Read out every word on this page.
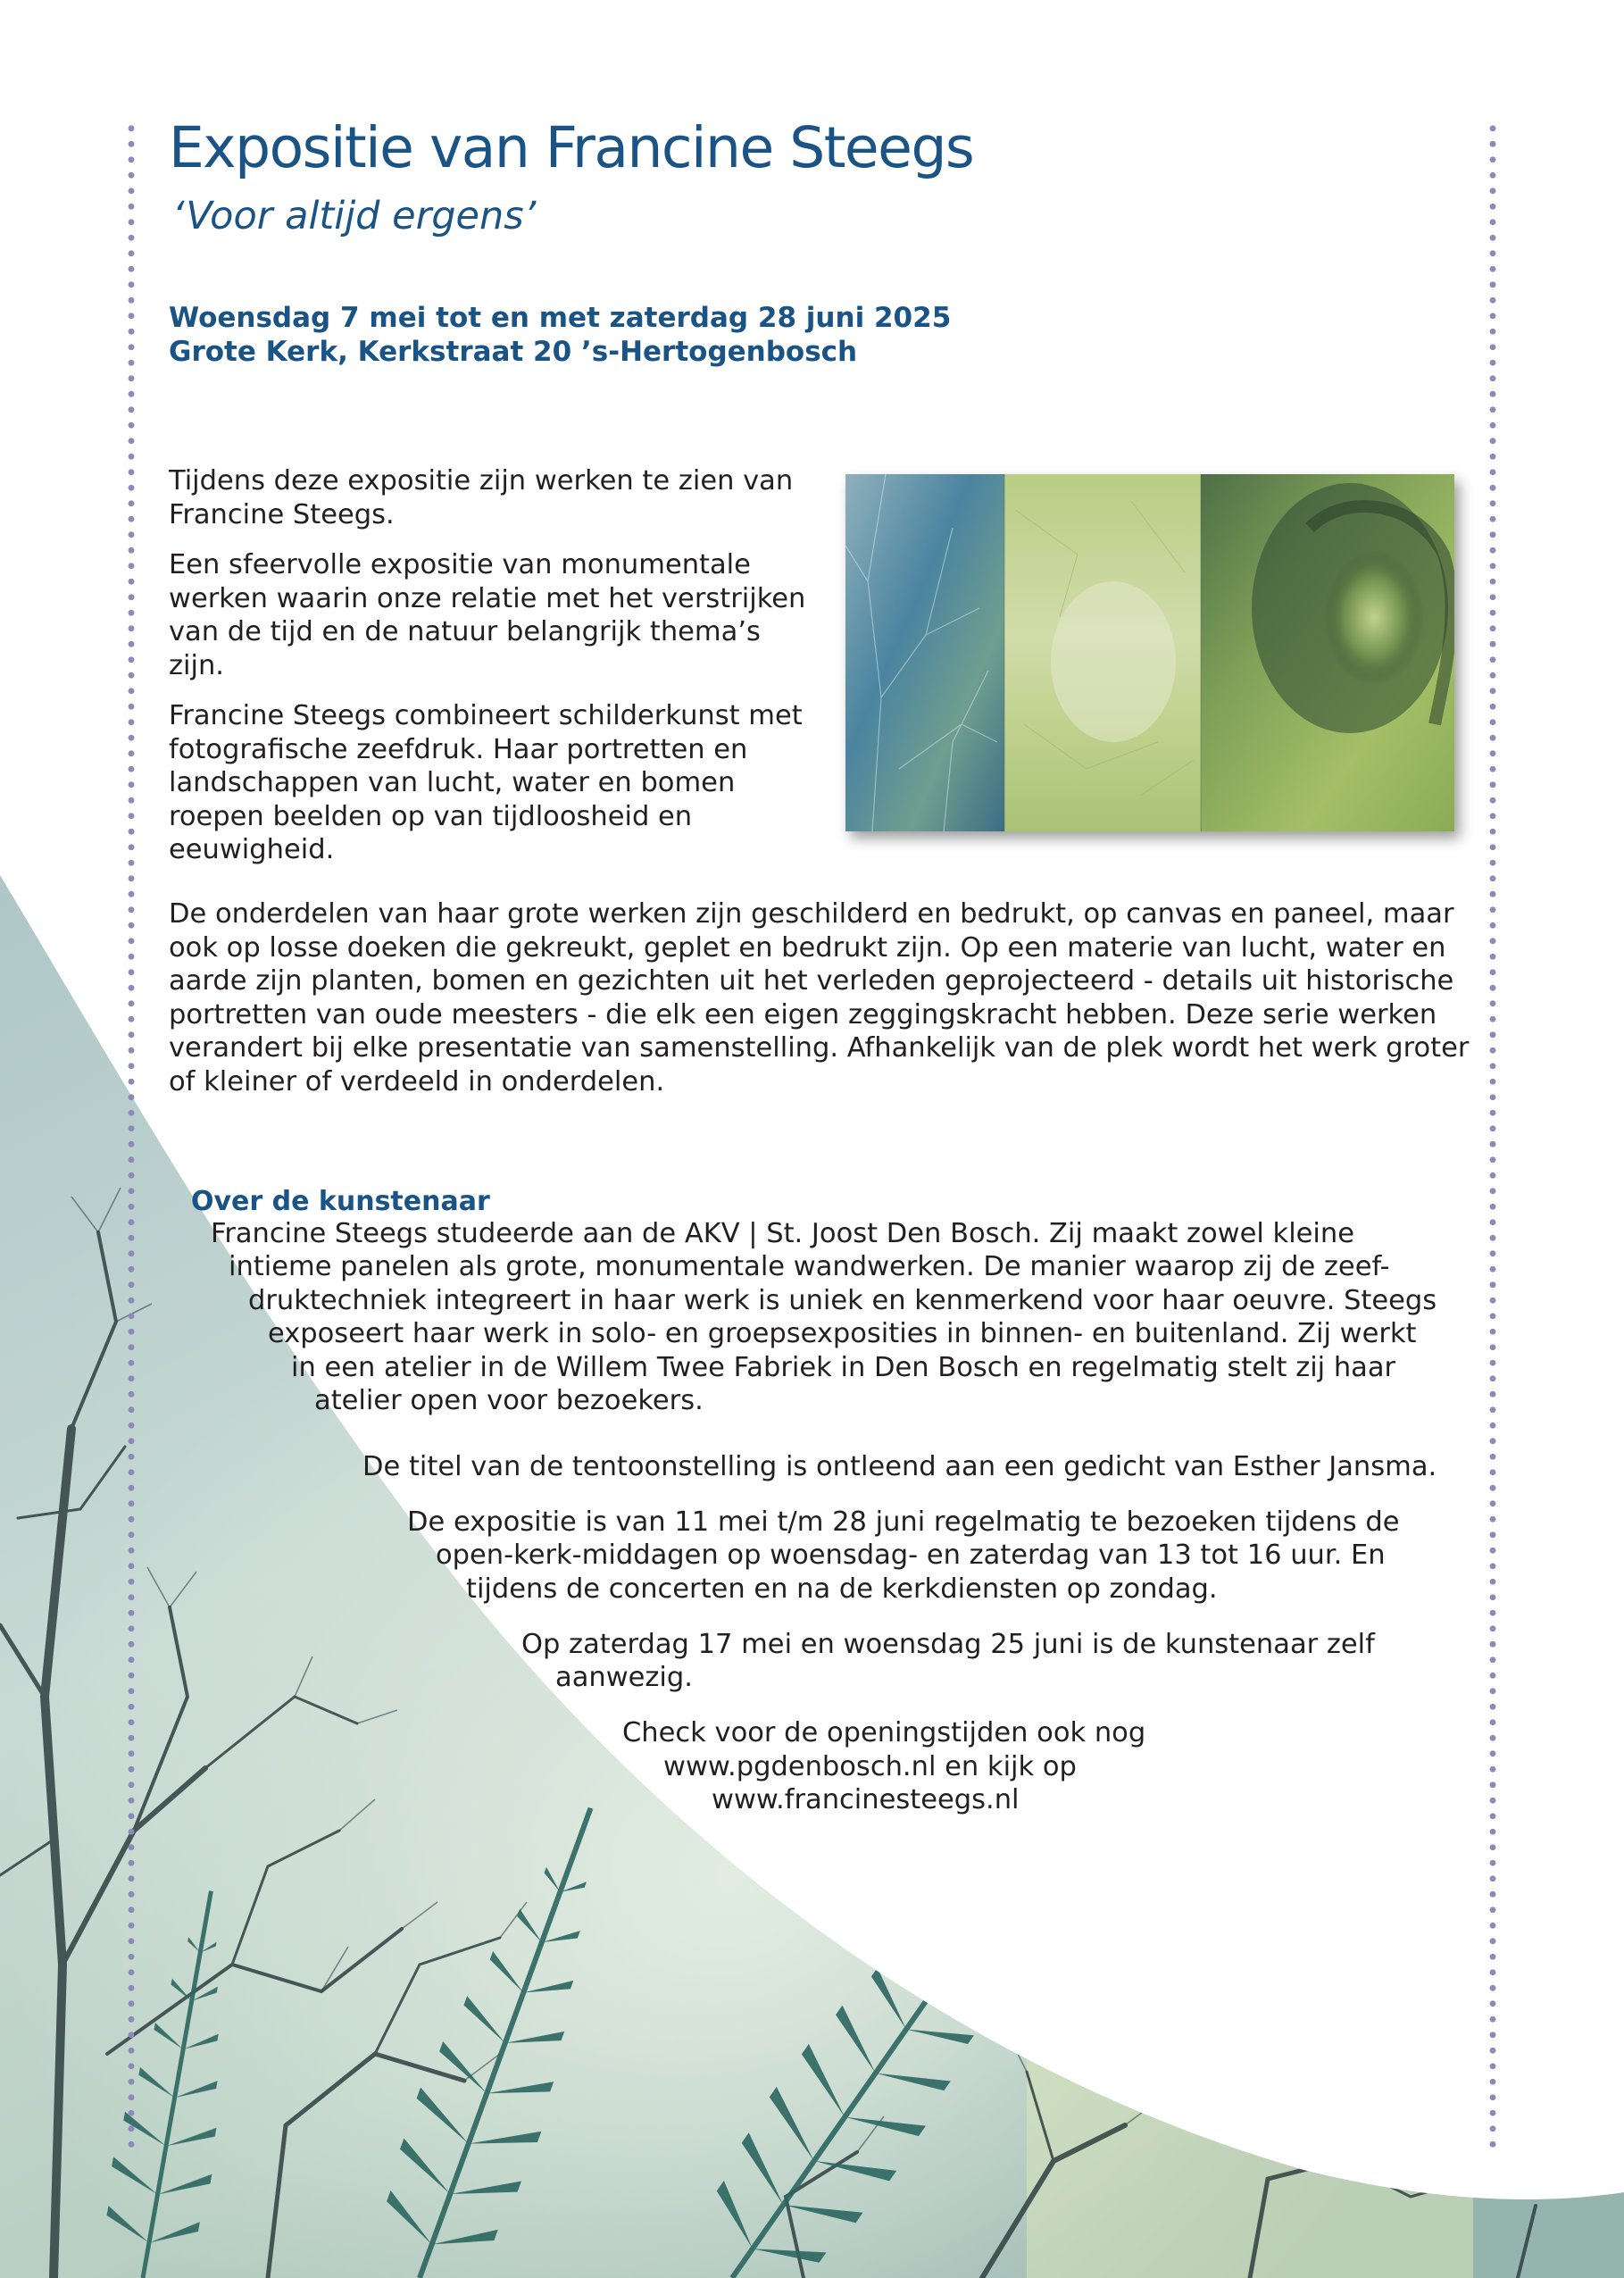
Expositie van Francine Steegs
‘Voor altijd ergens’
Woensdag 7 mei tot en met zaterdag 28 juni 2025
Grote Kerk, Kerkstraat 20 ’s-Hertogenbosch

Tijdens deze expositie zijn werken te zien van Francine Steegs.

Een sfeervolle expositie van monumentale werken waarin onze relatie met het verstrijken van de tijd en de natuur belangrijk thema’s zijn.

Francine Steegs combineert schilderkunst met fotografische zeefdruk. Haar portretten en landschappen van lucht, water en bomen roepen beelden op van tijdloosheid en eeuwigheid.

De onderdelen van haar grote werken zijn geschilderd en bedrukt, op canvas en paneel, maar ook op losse doeken die gekreukt, geplet en bedrukt zijn. Op een materie van lucht, water en aarde zijn planten, bomen en gezichten uit het verleden geprojecteerd - details uit historische portretten van oude meesters - die elk een eigen zeggingskracht hebben. Deze serie werken verandert bij elke presentatie van samenstelling. Afhankelijk van de plek wordt het werk groter of kleiner of verdeeld in onderdelen.
Over de kunstenaar
Francine Steegs studeerde aan de AKV | St. Joost Den Bosch. Zij maakt zowel kleine
intieme panelen als grote, monumentale wandwerken. De manier waarop zij de zeef-
druktechniek integreert in haar werk is uniek en kenmerkend voor haar oeuvre. Steegs
exposeert haar werk in solo- en groepsexposities in binnen- en buitenland. Zij werkt
in een atelier in de Willem Twee Fabriek in Den Bosch en regelmatig stelt zij haar
atelier open voor bezoekers.
De titel van de tentoonstelling is ontleend aan een gedicht van Esther Jansma.
De expositie is van 11 mei t/m 28 juni regelmatig te bezoeken tijdens de
open-kerk-middagen op woensdag- en zaterdag van 13 tot 16 uur. En
tijdens de concerten en na de kerkdiensten op zondag.
Op zaterdag 17 mei en woensdag 25 juni is de kunstenaar zelf
aanwezig.
Check voor de openingstijden ook nog
www.pgdenbosch.nl en kijk op
www.francinesteegs.nl
